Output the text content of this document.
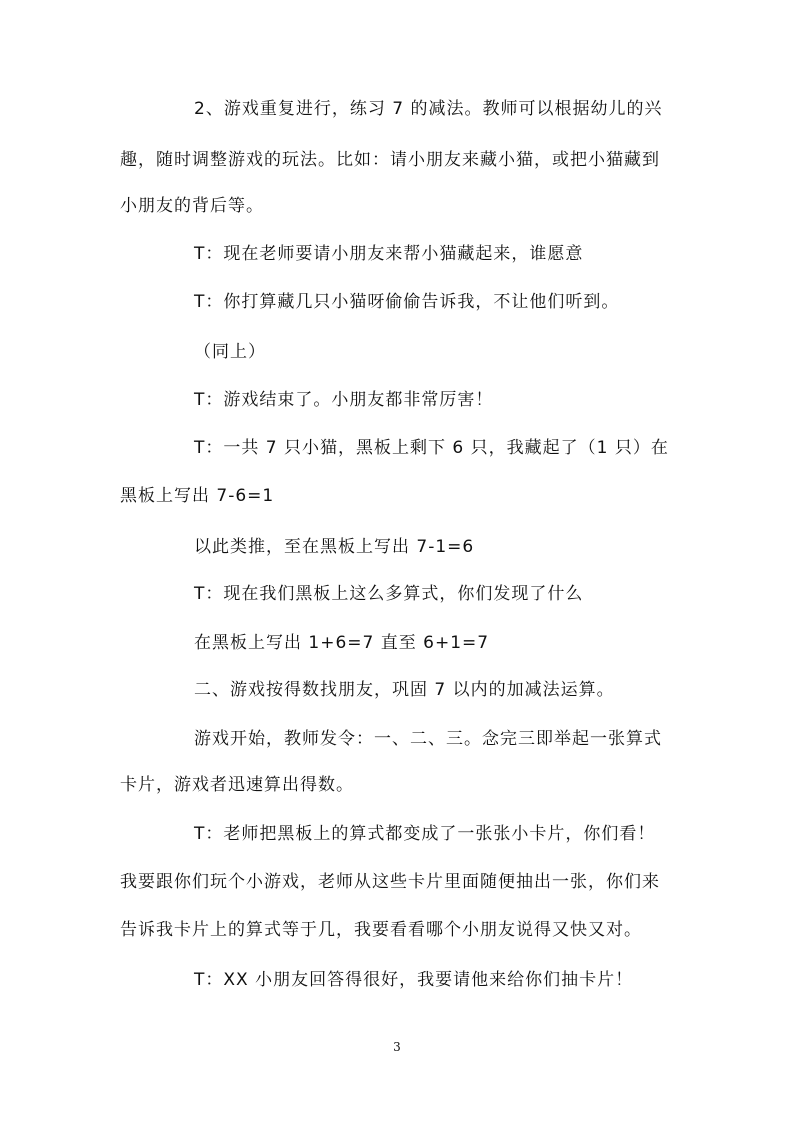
2、游戏重复进行，练习 7 的减法。教师可以根据幼儿的兴
趣，随时调整游戏的玩法。比如：请小朋友来藏小猫，或把小猫藏到
小朋友的背后等。
T：现在老师要请小朋友来帮小猫藏起来，谁愿意
T：你打算藏几只小猫呀偷偷告诉我，不让他们听到。
（同上）
T：游戏结束了。小朋友都非常厉害！
T：一共 7 只小猫，黑板上剩下 6 只，我藏起了（1 只）在
黑板上写出 7-6=1
以此类推，至在黑板上写出 7-1=6
T：现在我们黑板上这么多算式，你们发现了什么
在黑板上写出 1+6=7 直至 6+1=7
二、游戏按得数找朋友，巩固 7 以内的加减法运算。
游戏开始，教师发令：一、二、三。念完三即举起一张算式
卡片，游戏者迅速算出得数。
T：老师把黑板上的算式都变成了一张张小卡片，你们看！
我要跟你们玩个小游戏，老师从这些卡片里面随便抽出一张，你们来
告诉我卡片上的算式等于几，我要看看哪个小朋友说得又快又对。
T：XX 小朋友回答得很好，我要请他来给你们抽卡片！
3
